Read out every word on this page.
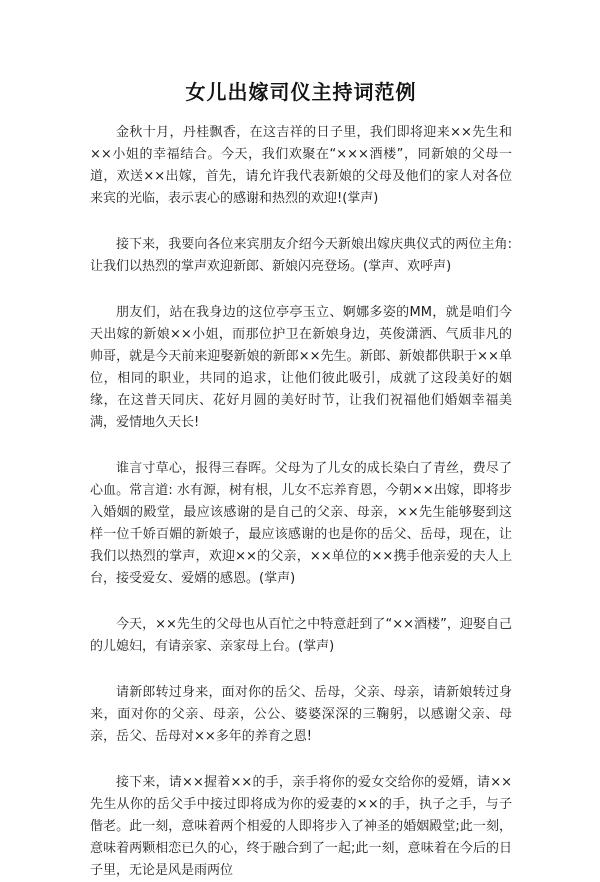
女儿出嫁司仪主持词范例

金秋十月，丹桂飘香，在这吉祥的日子里，我们即将迎来××先生和××小姐的幸福结合。今天，我们欢聚在“×××酒楼”，同新娘的父母一道，欢送××出嫁，首先，请允许我代表新娘的父母及他们的家人对各位来宾的光临，表示衷心的感谢和热烈的欢迎!(掌声)

接下来，我要向各位来宾朋友介绍今天新娘出嫁庆典仪式的两位主角: 让我们以热烈的掌声欢迎新郎、新娘闪亮登场。(掌声、欢呼声)

朋友们，站在我身边的这位亭亭玉立、婀娜多姿的MM，就是咱们今天出嫁的新娘××小姐，而那位护卫在新娘身边，英俊潇洒、气质非凡的帅哥，就是今天前来迎娶新娘的新郎××先生。新郎、新娘都供职于××单位，相同的职业，共同的追求，让他们彼此吸引，成就了这段美好的姻缘，在这普天同庆、花好月圆的美好时节，让我们祝福他们婚姻幸福美满，爱情地久天长!

谁言寸草心，报得三春晖。父母为了儿女的成长染白了青丝，费尽了心血。常言道: 水有源，树有根，儿女不忘养育恩，今朝××出嫁，即将步入婚姻的殿堂，最应该感谢的是自己的父亲、母亲，××先生能够娶到这样一位千娇百媚的新娘子，最应该感谢的也是你的岳父、岳母，现在，让我们以热烈的掌声，欢迎××的父亲，××单位的××携手他亲爱的夫人上台，接受爱女、爱婿的感恩。(掌声)

今天，××先生的父母也从百忙之中特意赶到了“××酒楼”，迎娶自己的儿媳妇，有请亲家、亲家母上台。(掌声)

请新郎转过身来，面对你的岳父、岳母，父亲、母亲，请新娘转过身来，面对你的父亲、母亲，公公、婆婆深深的三鞠躬，以感谢父亲、母亲，岳父、岳母对××多年的养育之恩!

接下来，请××握着××的手，亲手将你的爱女交给你的爱婿，请××先生从你的岳父手中接过即将成为你的爱妻的××的手，执子之手，与子偕老。此一刻，意味着两个相爱的人即将步入了神圣的婚姻殿堂;此一刻，意味着两颗相恋已久的心，终于融合到了一起;此一刻，意味着在今后的日子里，无论是风是雨两位
